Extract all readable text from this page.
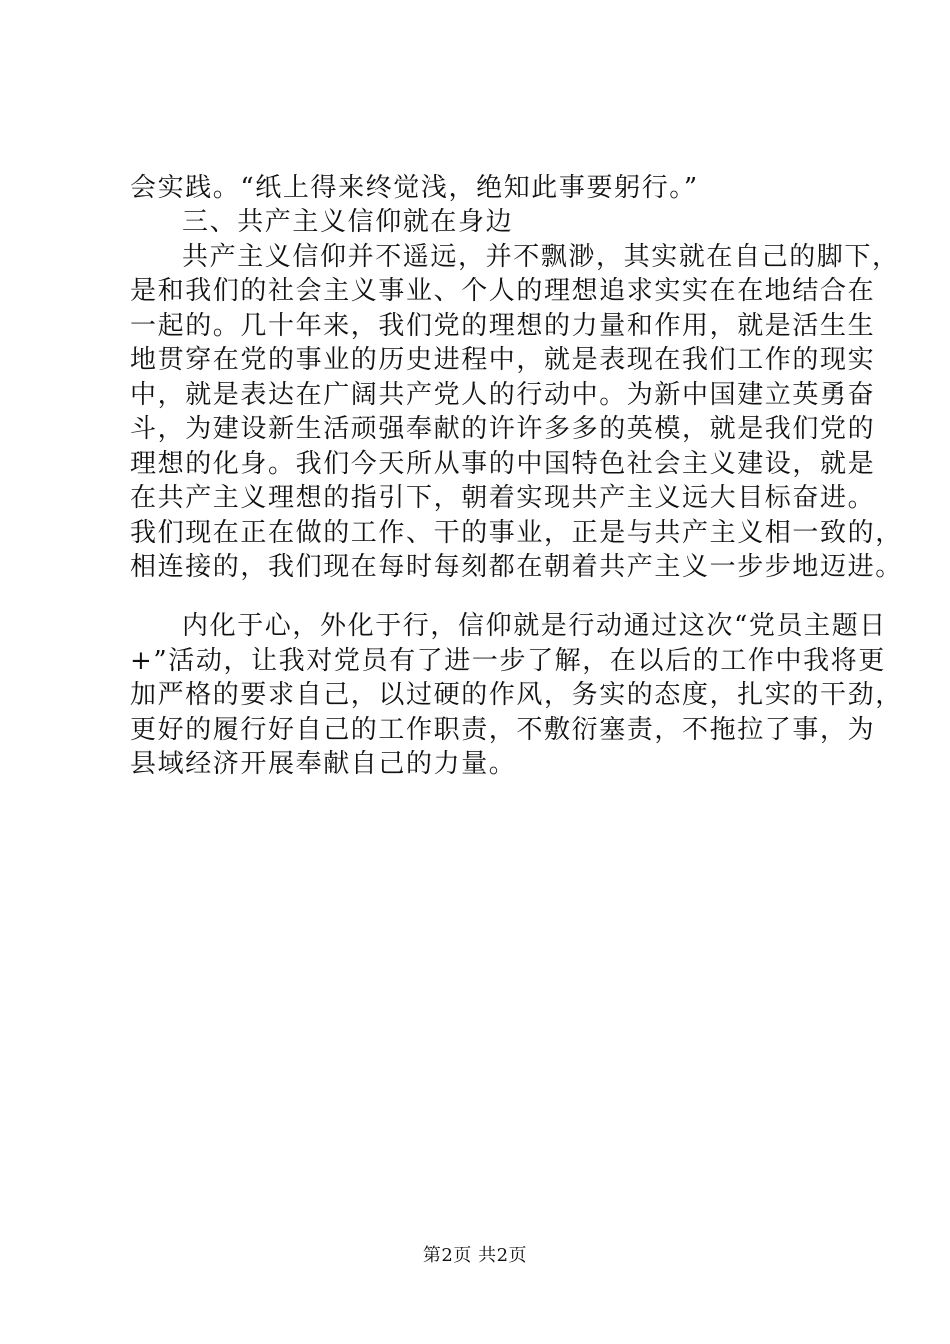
会实践。“纸上得来终觉浅，绝知此事要躬行。”
三、共产主义信仰就在身边
共产主义信仰并不遥远，并不飘渺，其实就在自己的脚下，
是和我们的社会主义事业、个人的理想追求实实在在地结合在
一起的。几十年来，我们党的理想的力量和作用，就是活生生
地贯穿在党的事业的历史进程中，就是表现在我们工作的现实
中，就是表达在广阔共产党人的行动中。为新中国建立英勇奋
斗，为建设新生活顽强奉献的许许多多的英模，就是我们党的
理想的化身。我们今天所从事的中国特色社会主义建设，就是
在共产主义理想的指引下，朝着实现共产主义远大目标奋进。
我们现在正在做的工作、干的事业，正是与共产主义相一致的，
相连接的，我们现在每时每刻都在朝着共产主义一步步地迈进。
内化于心，外化于行，信仰就是行动通过这次“党员主题日
+”活动，让我对党员有了进一步了解，在以后的工作中我将更
加严格的要求自己，以过硬的作风，务实的态度，扎实的干劲，
更好的履行好自己的工作职责，不敷衍塞责，不拖拉了事，为
县域经济开展奉献自己的力量。
第2页 共2页
